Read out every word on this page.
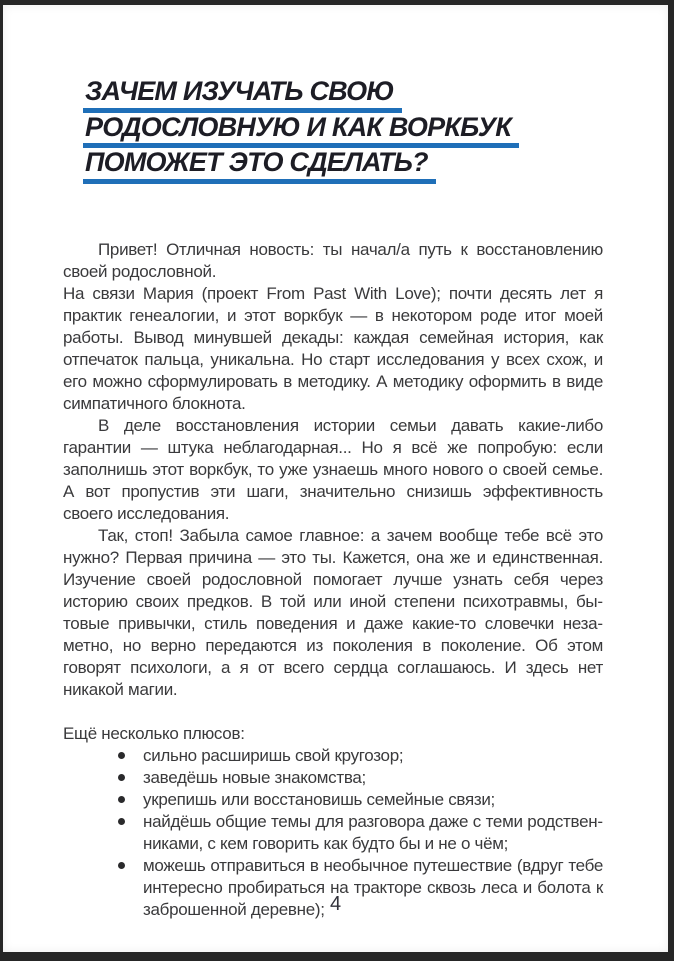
ЗАЧЕМ ИЗУЧАТЬ СВОЮ
РОДОСЛОВНУЮ И КАК ВОРКБУК
ПОМОЖЕТ ЭТО СДЕЛАТЬ?

Привет! Отличная новость: ты начал/а путь к восстановлению своей родословной.

На связи Мария (проект From Past With Love); почти десять лет я практик генеалогии, и этот воркбук — в некотором роде итог моей работы. Вывод минувшей декады: каждая семейная история, как отпечаток пальца, уникальна. Но старт исследования у всех схож, и его можно сформулировать в методику. А методику оформить в виде симпатичного блокнота.

В деле восстановления истории семьи давать какие-либо гарантии — штука неблагодарная... Но я всё же попробую: если заполнишь этот воркбук, то уже узнаешь много нового о своей семье. А вот пропустив эти шаги, значительно снизишь эффективность своего исследования.

Так, стоп! Забыла самое главное: а зачем вообще тебе всё это нужно? Первая причина — это ты. Кажется, она же и единственная. Изучение своей родословной помогает лучше узнать себя через историю своих предков. В той или иной степени психотравмы, бытовые привычки, стиль поведения и даже какие-то словечки незаметно, но верно передаются из поколения в поколение. Об этом говорят психологи, а я от всего сердца соглашаюсь. И здесь нет никакой магии.

Ещё несколько плюсов:

сильно расширишь свой кругозор;
заведёшь новые знакомства;
укрепишь или восстановишь семейные связи;
найдёшь общие темы для разговора даже с теми родственниками, с кем говорить как будто бы и не о чём;
можешь отправиться в необычное путешествие (вдруг тебе интересно пробираться на тракторе сквозь леса и болота к заброшенной деревне); 4
